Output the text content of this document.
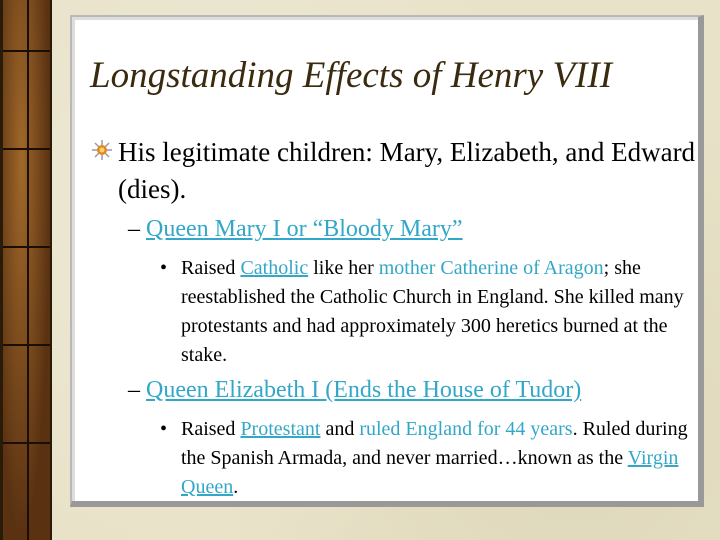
Longstanding Effects of Henry VIII
His legitimate children: Mary, Elizabeth, and Edward (dies).
– Queen Mary I or “Bloody Mary”
• Raised Catholic like her mother Catherine of Aragon; she reestablished the Catholic Church in England. She killed many protestants and had approximately 300 heretics burned at the stake.
– Queen Elizabeth I (Ends the House of Tudor)
• Raised Protestant and ruled England for 44 years. Ruled during the Spanish Armada, and never married…known as the Virgin Queen.
